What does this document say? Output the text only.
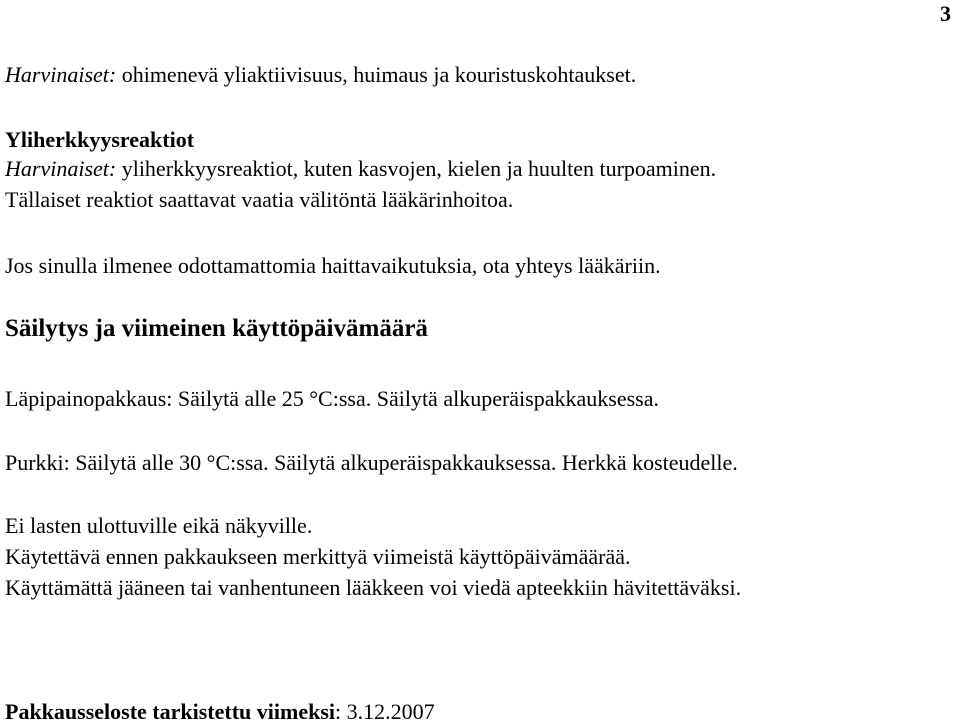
3
Harvinaiset: ohimenevä yliaktiivisuus, huimaus ja kouristuskohtaukset.
Yliherkkyysreaktiot
Harvinaiset: yliherkkyysreaktiot, kuten kasvojen, kielen ja huulten turpoaminen.
Tällaiset reaktiot saattavat vaatia välitöntä lääkärinhoitoa.
Jos sinulla ilmenee odottamattomia haittavaikutuksia, ota yhteys lääkäriin.
Säilytys ja viimeinen käyttöpäivämäärä
Läpipainopakkaus: Säilytä alle 25 °C:ssa. Säilytä alkuperäispakkauksessa.
Purkki: Säilytä alle 30 °C:ssa. Säilytä alkuperäispakkauksessa. Herkkä kosteudelle.
Ei lasten ulottuville eikä näkyville.
Käytettävä ennen pakkaukseen merkittyä viimeistä käyttöpäivämäärää.
Käyttämättä jääneen tai vanhentuneen lääkkeen voi viedä apteekkiin hävitettäväksi.
Pakkausseloste tarkistettu viimeksi: 3.12.2007
